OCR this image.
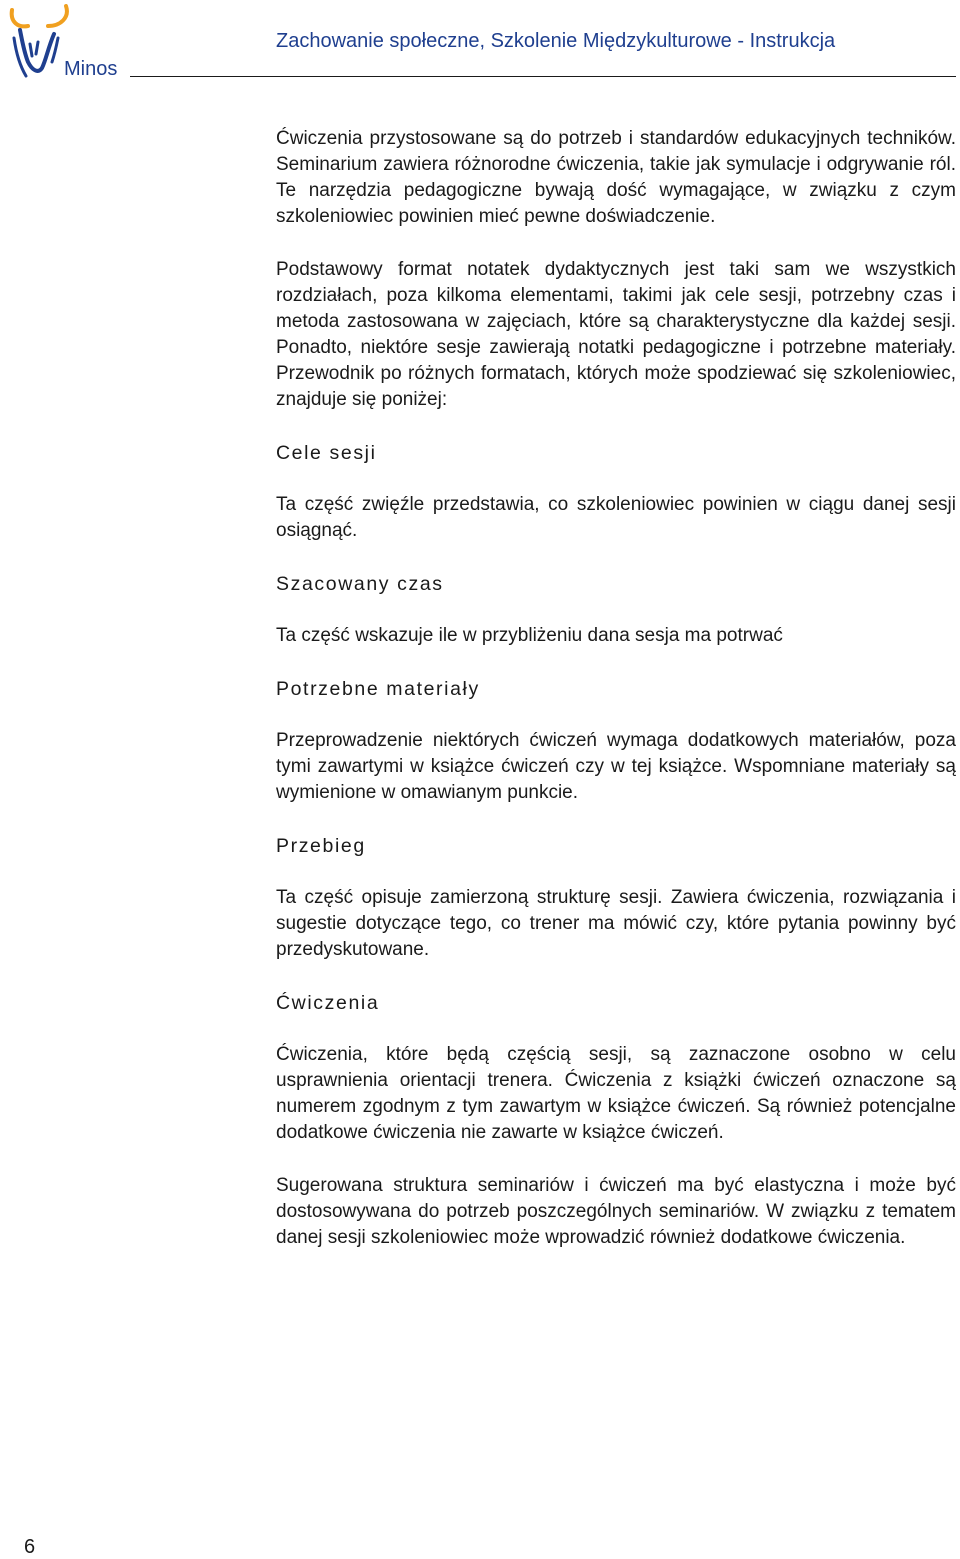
Minos
Zachowanie społeczne, Szkolenie Międzykulturowe - Instrukcja

Ćwiczenia przystosowane są do potrzeb i standardów edukacyjnych techników. Seminarium zawiera różnorodne ćwiczenia, takie jak symulacje i odgrywanie ról. Te narzędzia pedagogiczne bywają dość wymagające, w związku z czym szkoleniowiec powinien mieć pewne doświadczenie.

Podstawowy format notatek dydaktycznych jest taki sam we wszystkich rozdziałach, poza kilkoma elementami, takimi jak cele sesji, potrzebny czas i metoda zastosowana w zajęciach, które są charakterystyczne dla każdej sesji. Ponadto, niektóre sesje zawierają notatki pedagogiczne i potrzebne materiały. Przewodnik po różnych formatach, których może spodziewać się szkoleniowiec, znajduje się poniżej:

Cele sesji

Ta część zwięźle przedstawia, co szkoleniowiec powinien w ciągu danej sesji osiągnąć.

Szacowany czas

Ta część wskazuje ile w przybliżeniu dana sesja ma potrwać

Potrzebne materiały

Przeprowadzenie niektórych ćwiczeń wymaga dodatkowych materiałów, poza tymi zawartymi w książce ćwiczeń czy w tej książce. Wspomniane materiały są wymienione w omawianym punkcie.

Przebieg

Ta część opisuje zamierzoną strukturę sesji. Zawiera ćwiczenia, rozwiązania i sugestie dotyczące tego, co trener ma mówić czy, które pytania powinny być przedyskutowane.

Ćwiczenia

Ćwiczenia, które będą częścią sesji, są zaznaczone osobno w celu usprawnienia orientacji trenera. Ćwiczenia z książki ćwiczeń oznaczone są numerem zgodnym z tym zawartym w książce ćwiczeń. Są również potencjalne dodatkowe ćwiczenia nie zawarte w książce ćwiczeń.

Sugerowana struktura seminariów i ćwiczeń ma być elastyczna i może być dostosowywana do potrzeb poszczególnych seminariów. W związku z tematem danej sesji szkoleniowiec może wprowadzić również dodatkowe ćwiczenia.

6
